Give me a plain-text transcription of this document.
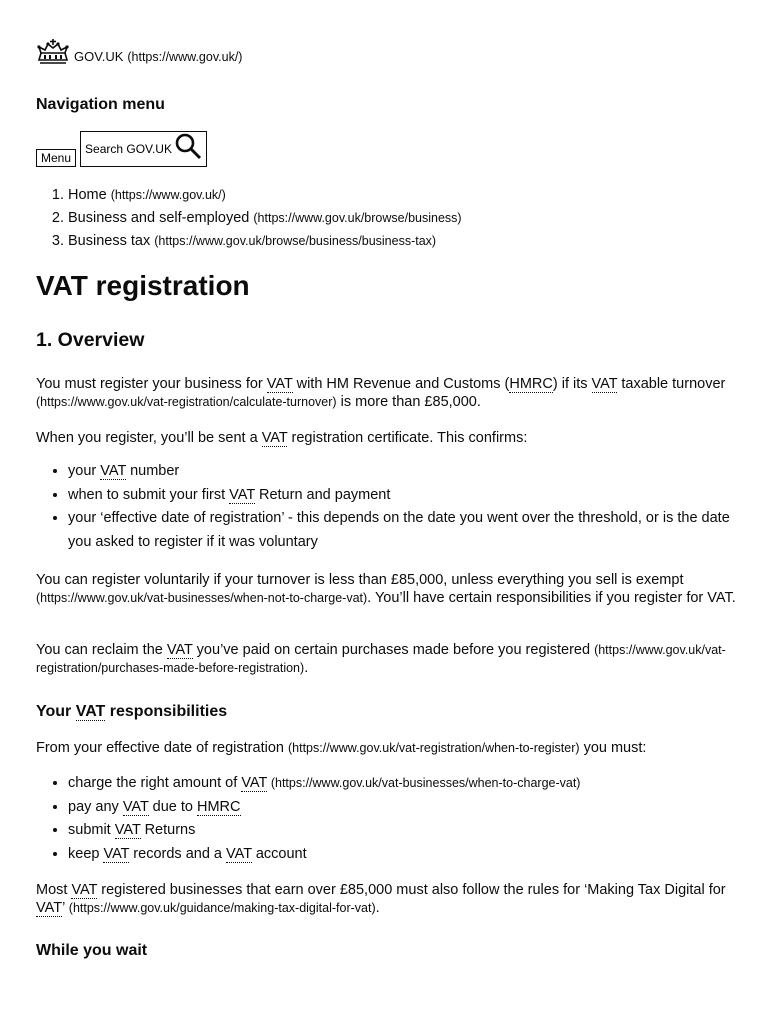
GOV.UK (https://www.gov.uk/)
Navigation menu
Menu
Search GOV.UK
1. Home (https://www.gov.uk/)
2. Business and self-employed (https://www.gov.uk/browse/business)
3. Business tax (https://www.gov.uk/browse/business/business-tax)
VAT registration
1. Overview

You must register your business for VAT with HM Revenue and Customs (HMRC) if its VAT taxable turnover (https://www.gov.uk/vat-registration/calculate-turnover) is more than £85,000.

When you register, you’ll be sent a VAT registration certificate. This confirms:

• your VAT number
• when to submit your first VAT Return and payment
• your ‘effective date of registration’ - this depends on the date you went over the threshold, or is the date you asked to register if it was voluntary

You can register voluntarily if your turnover is less than £85,000, unless everything you sell is exempt (https://www.gov.uk/vat-businesses/when-not-to-charge-vat). You’ll have certain responsibilities if you register for VAT.

You can reclaim the VAT you’ve paid on certain purchases made before you registered (https://www.gov.uk/vat-registration/purchases-made-before-registration).

Your VAT responsibilities

From your effective date of registration (https://www.gov.uk/vat-registration/when-to-register) you must:

• charge the right amount of VAT (https://www.gov.uk/vat-businesses/when-to-charge-vat)
• pay any VAT due to HMRC
• submit VAT Returns
• keep VAT records and a VAT account

Most VAT registered businesses that earn over £85,000 must also follow the rules for ‘Making Tax Digital for VAT’ (https://www.gov.uk/guidance/making-tax-digital-for-vat).

While you wait
